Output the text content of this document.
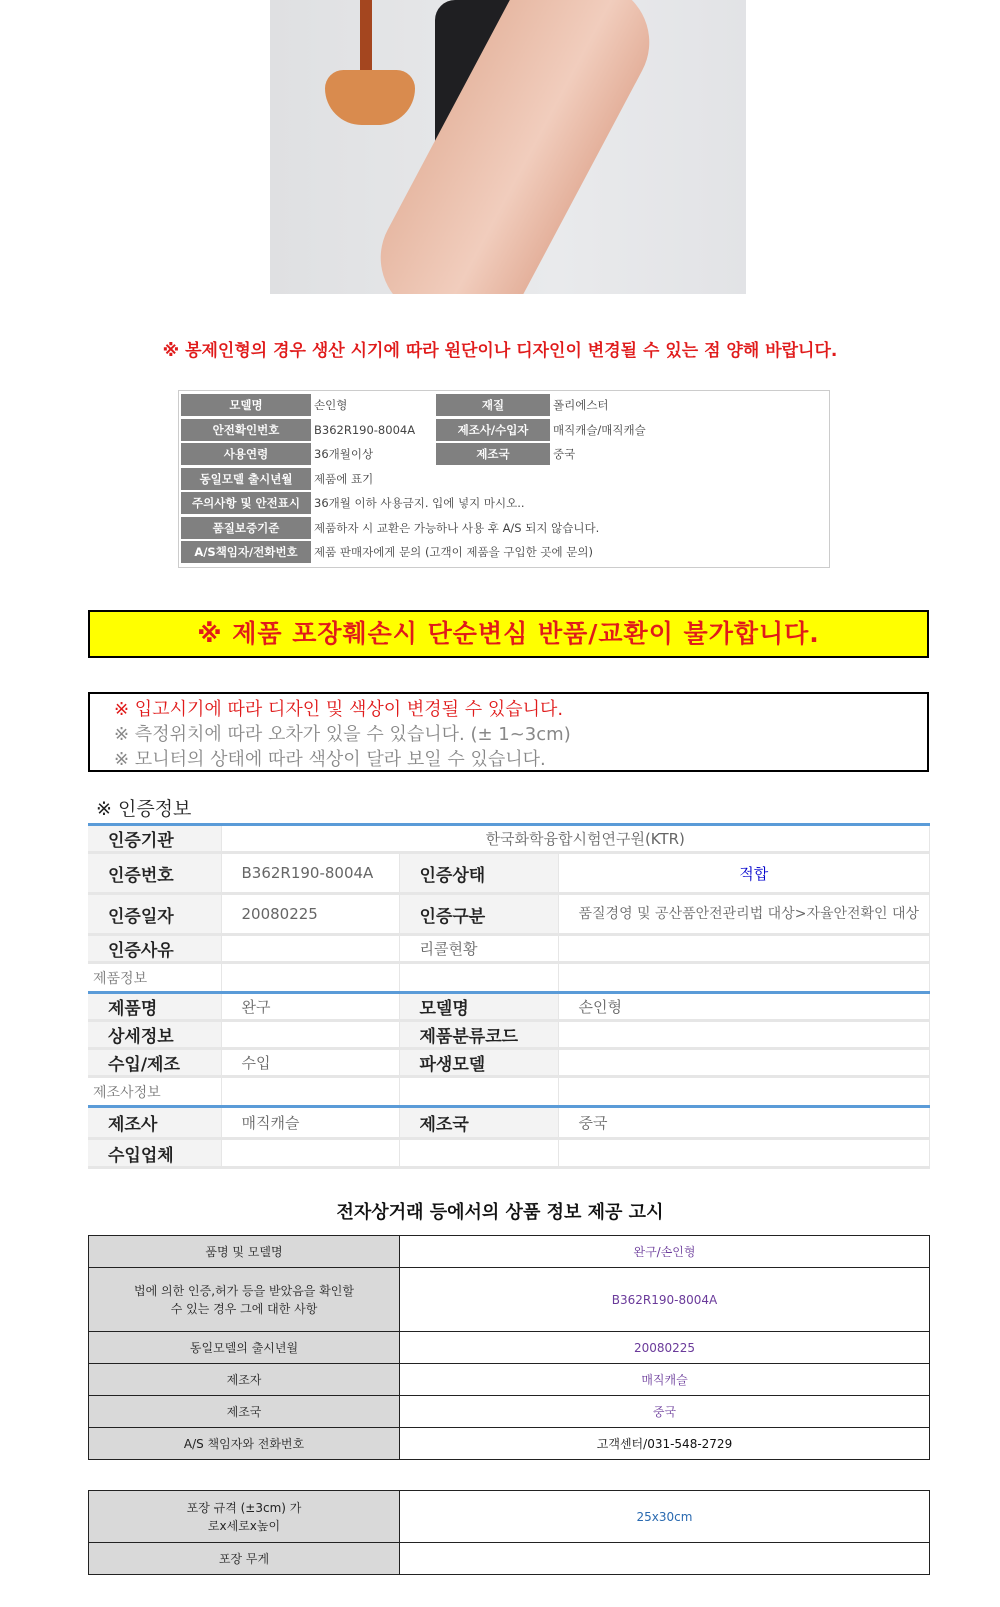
※ 봉제인형의 경우 생산 시기에 따라 원단이나 디자인이 변경될 수 있는 점 양해 바랍니다.
모델명	손인형	재질	폴리에스터
안전확인번호	B362R190-8004A	제조사/수입자	매직캐슬/매직캐슬
사용연령	36개월이상	제조국	중국
동일모델 출시년월	제품에 표기
주의사항 및 안전표시	36개월 이하 사용금지. 입에 넣지 마시오..
품질보증기준	제품하자 시 교환은 가능하나 사용 후 A/S 되지 않습니다.
A/S책임자/전화번호	제품 판매자에게 문의 (고객이 제품을 구입한 곳에 문의)
※ 제품 포장훼손시 단순변심 반품/교환이 불가합니다.
※ 입고시기에 따라 디자인 및 색상이 변경될 수 있습니다.
※ 측정위치에 따라 오차가 있을 수 있습니다. (± 1~3cm)
※ 모니터의 상태에 따라 색상이 달라 보일 수 있습니다.
※ 인증정보
인증기관	한국화학융합시험연구원(KTR)		
인증번호	B362R190-8004A	인증상태	적합
인증일자	20080225	인증구분	품질경영 및 공산품안전관리법 대상>자율안전확인 대상
인증사유		리콜현황	
제품정보			
제품명	완구	모델명	손인형
상세정보		제품분류코드	
수입/제조	수입	파생모델	
제조사정보			
제조사	매직캐슬	제조국	중국
수입업체			
전자상거래 등에서의 상품 정보 제공 고시
품명 및 모델명	완구/손인형
법에 의한 인증,허가 등을 받았음을 확인할 수 있는 경우 그에 대한 사항	B362R190-8004A
동일모델의 출시년월	20080225
제조자	매직캐슬
제조국	중국
A/S 책임자와 전화번호	고객센터/031-548-2729
포장 규격 (±3cm) 가로x세로x높이	25x30cm
포장 무게	
